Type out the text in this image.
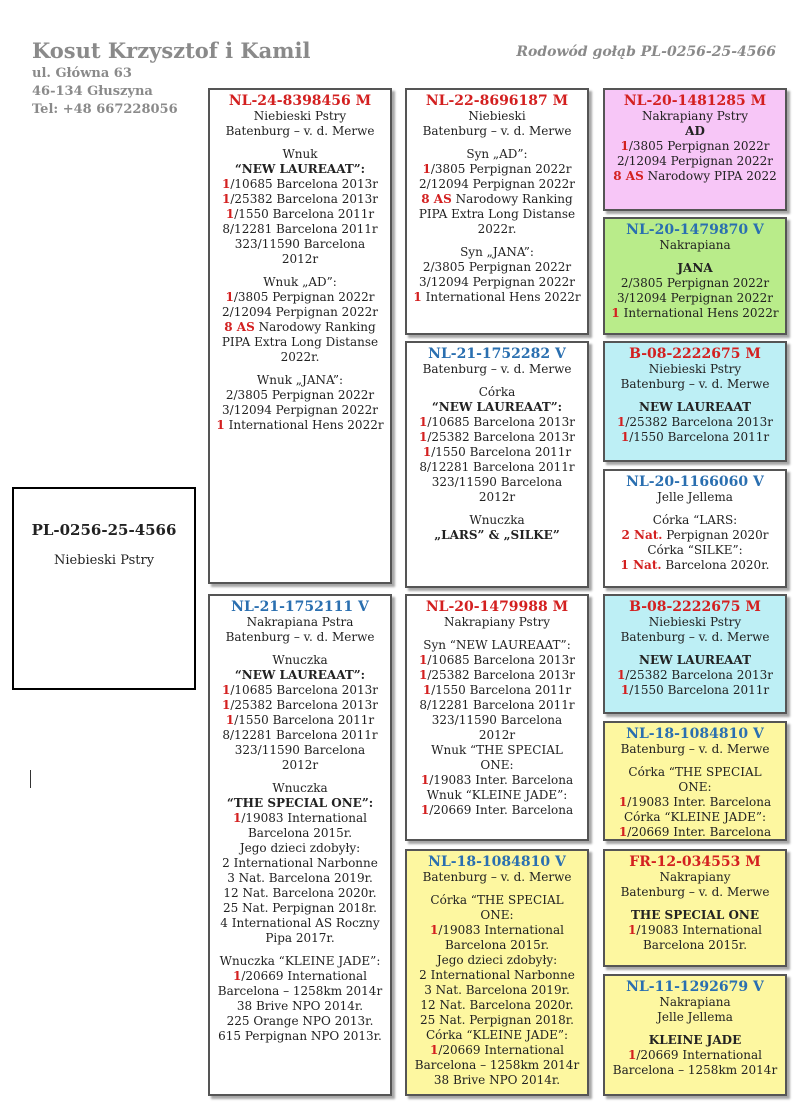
Kosut Krzysztof i Kamil
ul. Główna 63
46-134 Głuszyna
Tel: +48 667228056
Rodowód gołąb PL-0256-25-4566
PL-0256-25-4566
Niebieski Pstry

NL-24-8398456 M

Niebieski Pstry

Batenburg – v. d. Merwe

Wnuk

“NEW LAUREAAT”:

1/10685 Barcelona 2013r

1/25382 Barcelona 2013r

1/1550 Barcelona 2011r

8/12281 Barcelona 2011r

323/11590 Barcelona

2012r

Wnuk „AD”:

1/3805 Perpignan 2022r

2/12094 Perpignan 2022r

8 AS Narodowy Ranking

PIPA Extra Long Distanse

2022r.

Wnuk „JANA”:

2/3805 Perpignan 2022r

3/12094 Perpignan 2022r

1 International Hens 2022r

NL-21-1752111 V

Nakrapiana Pstra

Batenburg – v. d. Merwe

Wnuczka

“NEW LAUREAAT”:

1/10685 Barcelona 2013r

1/25382 Barcelona 2013r

1/1550 Barcelona 2011r

8/12281 Barcelona 2011r

323/11590 Barcelona

2012r

Wnuczka

“THE SPECIAL ONE”:

1/19083 International

Barcelona 2015r.

Jego dzieci zdobyły:

2 International Narbonne

3 Nat. Barcelona 2019r.

12 Nat. Barcelona 2020r.

25 Nat. Perpignan 2018r.

4 International AS Roczny

Pipa 2017r.

Wnuczka “KLEINE JADE”:

1/20669 International

Barcelona – 1258km 2014r

38 Brive NPO 2014r.

225 Orange NPO 2013r.

615 Perpignan NPO 2013r.

NL-22-8696187 M

Niebieski

Batenburg – v. d. Merwe

Syn „AD”:

1/3805 Perpignan 2022r

2/12094 Perpignan 2022r

8 AS Narodowy Ranking

PIPA Extra Long Distanse

2022r.

Syn „JANA”:

2/3805 Perpignan 2022r

3/12094 Perpignan 2022r

1 International Hens 2022r

NL-21-1752282 V

Batenburg – v. d. Merwe

Córka

“NEW LAUREAAT”:

1/10685 Barcelona 2013r

1/25382 Barcelona 2013r

1/1550 Barcelona 2011r

8/12281 Barcelona 2011r

323/11590 Barcelona

2012r

Wnuczka

„LARS” & „SILKE”

NL-20-1479988 M

Nakrapiany Pstry

Syn “NEW LAUREAAT”:

1/10685 Barcelona 2013r

1/25382 Barcelona 2013r

1/1550 Barcelona 2011r

8/12281 Barcelona 2011r

323/11590 Barcelona

2012r

Wnuk “THE SPECIAL ONE:

1/19083 Inter. Barcelona

Wnuk “KLEINE JADE”:

1/20669 Inter. Barcelona

NL-18-1084810 V

Batenburg – v. d. Merwe

Córka “THE SPECIAL ONE:

1/19083 International

Barcelona 2015r.

Jego dzieci zdobyły:

2 International Narbonne

3 Nat. Barcelona 2019r.

12 Nat. Barcelona 2020r.

25 Nat. Perpignan 2018r.

Córka “KLEINE JADE”:

1/20669 International

Barcelona – 1258km 2014r

38 Brive NPO 2014r.

NL-20-1481285 M

Nakrapiany Pstry

AD

1/3805 Perpignan 2022r

2/12094 Perpignan 2022r

8 AS Narodowy PIPA 2022

NL-20-1479870 V

Nakrapiana

JANA

2/3805 Perpignan 2022r

3/12094 Perpignan 2022r

1 International Hens 2022r

B-08-2222675 M

Niebieski Pstry

Batenburg – v. d. Merwe

NEW LAUREAAT

1/25382 Barcelona 2013r

1/1550 Barcelona 2011r

NL-20-1166060 V

Jelle Jellema

Córka “LARS:

2 Nat. Perpignan 2020r

Córka “SILKE”:

1 Nat. Barcelona 2020r.

B-08-2222675 M

Niebieski Pstry

Batenburg – v. d. Merwe

NEW LAUREAAT

1/25382 Barcelona 2013r

1/1550 Barcelona 2011r

NL-18-1084810 V

Batenburg – v. d. Merwe

Córka “THE SPECIAL ONE:

1/19083 Inter. Barcelona

Córka “KLEINE JADE”:

1/20669 Inter. Barcelona

FR-12-034553 M

Nakrapiany

Batenburg – v. d. Merwe

THE SPECIAL ONE

1/19083 International

Barcelona 2015r.

NL-11-1292679 V

Nakrapiana

Jelle Jellema

KLEINE JADE

1/20669 International

Barcelona – 1258km 2014r
